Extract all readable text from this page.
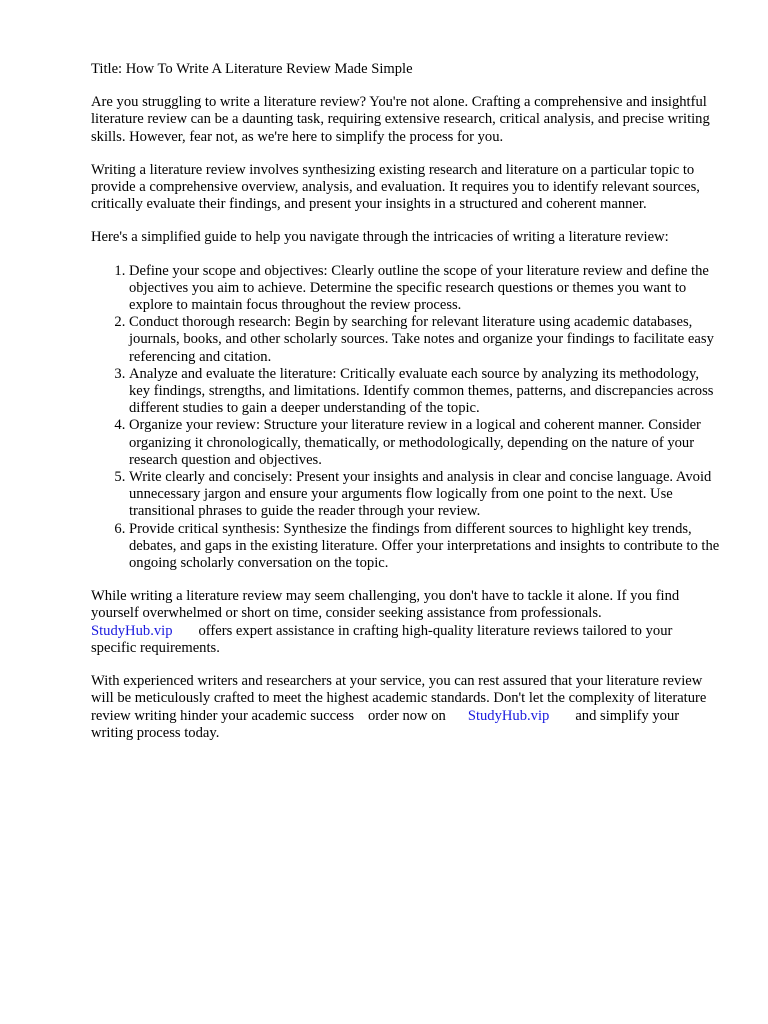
Title: How To Write A Literature Review Made Simple

Are you struggling to write a literature review? You're not alone. Crafting a comprehensive and insightful literature review can be a daunting task, requiring extensive research, critical analysis, and precise writing skills. However, fear not, as we're here to simplify the process for you.

Writing a literature review involves synthesizing existing research and literature on a particular topic to provide a comprehensive overview, analysis, and evaluation. It requires you to identify relevant sources, critically evaluate their findings, and present your insights in a structured and coherent manner.

Here's a simplified guide to help you navigate through the intricacies of writing a literature review:

1. Define your scope and objectives: Clearly outline the scope of your literature review and define the objectives you aim to achieve. Determine the specific research questions or themes you want to explore to maintain focus throughout the review process.
2. Conduct thorough research: Begin by searching for relevant literature using academic databases, journals, books, and other scholarly sources. Take notes and organize your findings to facilitate easy referencing and citation.
3. Analyze and evaluate the literature: Critically evaluate each source by analyzing its methodology, key findings, strengths, and limitations. Identify common themes, patterns, and discrepancies across different studies to gain a deeper understanding of the topic.
4. Organize your review: Structure your literature review in a logical and coherent manner. Consider organizing it chronologically, thematically, or methodologically, depending on the nature of your research question and objectives.
5. Write clearly and concisely: Present your insights and analysis in clear and concise language. Avoid unnecessary jargon and ensure your arguments flow logically from one point to the next. Use transitional phrases to guide the reader through your review.
6. Provide critical synthesis: Synthesize the findings from different sources to highlight key trends, debates, and gaps in the existing literature. Offer your interpretations and insights to contribute to the ongoing scholarly conversation on the topic.

While writing a literature review may seem challenging, you don't have to tackle it alone. If you find yourself overwhelmed or short on time, consider seeking assistance from professionals.
StudyHub.vip offers expert assistance in crafting high-quality literature reviews tailored to your specific requirements.

With experienced writers and researchers at your service, you can rest assured that your literature review will be meticulously crafted to meet the highest academic standards. Don't let the complexity of literature review writing hinder your academic success order now on StudyHub.vip and simplify your writing process today.
